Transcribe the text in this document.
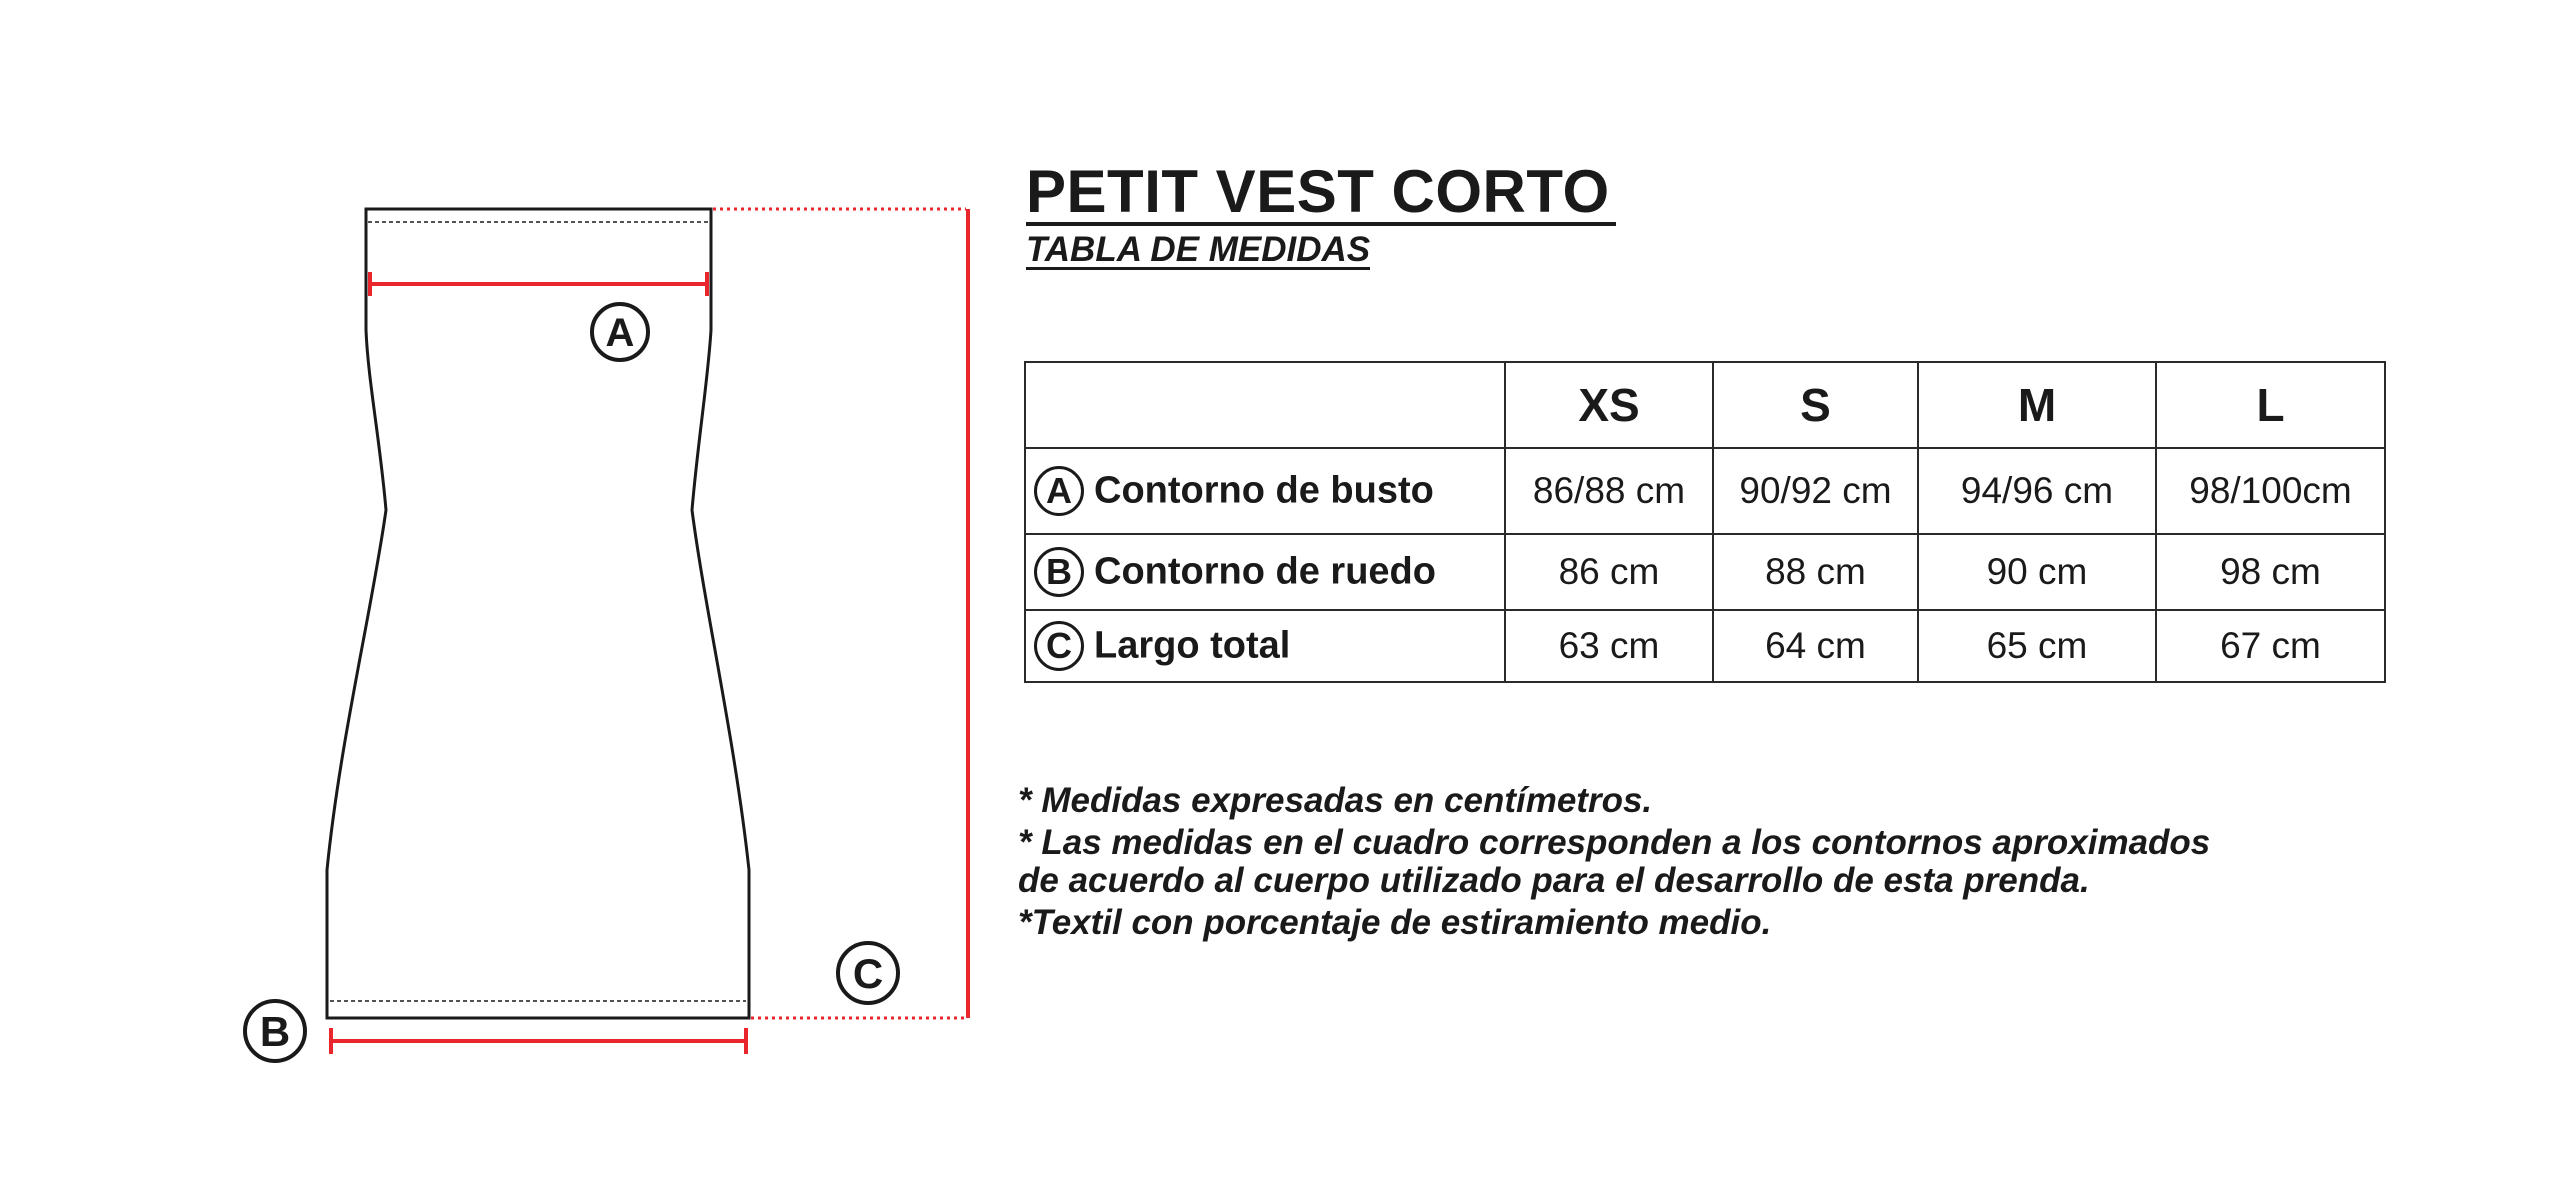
A
B
C
PETIT VEST CORTO
TABLA DE MEDIDAS
	XS	S	M	L
A Contorno de busto	86/88 cm	90/92 cm	94/96 cm	98/100cm
B Contorno de ruedo	86 cm	88 cm	90 cm	98 cm
C Largo total	63 cm	64 cm	65 cm	67 cm

* Medidas expresadas en centímetros.

* Las medidas en el cuadro corresponden a los contornos aproximados de acuerdo al cuerpo utilizado para el desarrollo de esta prenda.

*Textil con porcentaje de estiramiento medio.
